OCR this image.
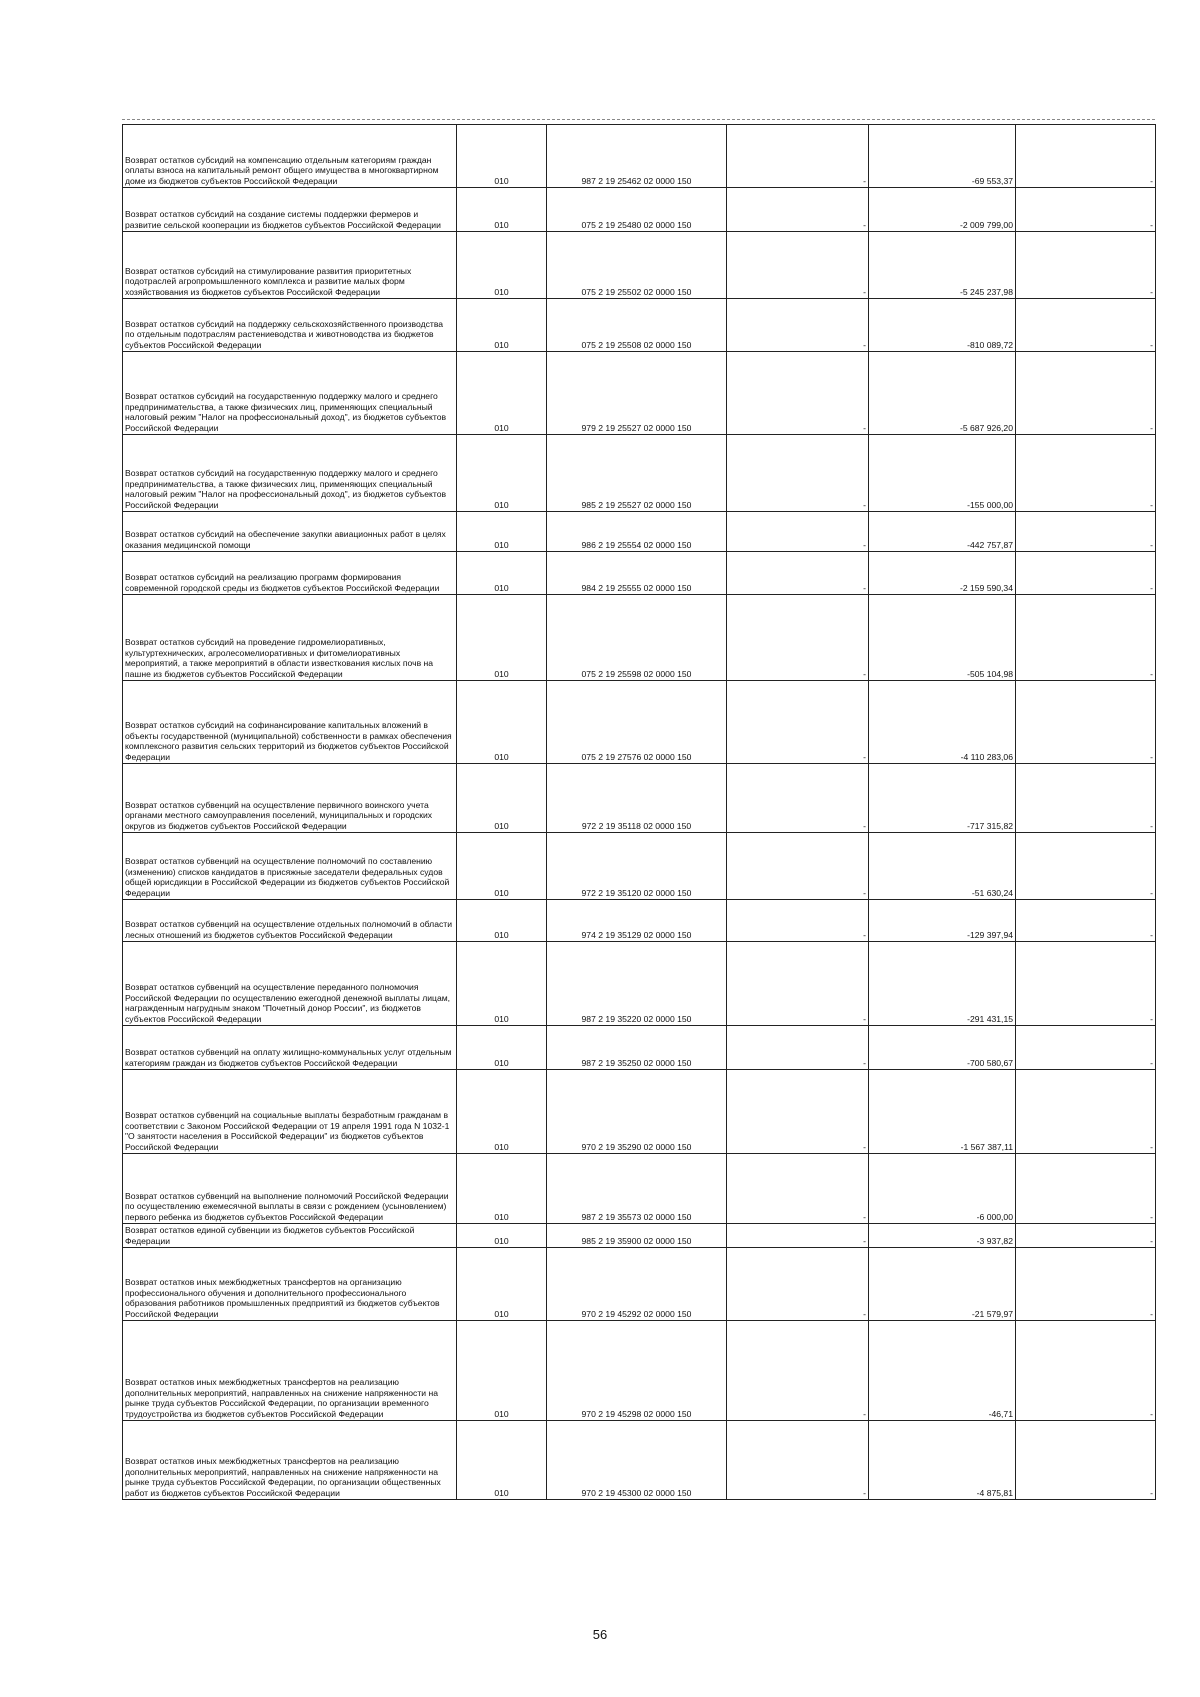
Возврат остатков субсидий на компенсацию отдельным категориям граждан оплаты взноса на капитальный ремонт общего имущества в многоквартирном доме из бюджетов субъектов Российской Федерации	010	987 2 19 25462 02 0000 150	-	-69 553,37	-
Возврат остатков субсидий на создание системы поддержки фермеров и развитие сельской кооперации из бюджетов субъектов Российской Федерации	010	075 2 19 25480 02 0000 150	-	-2 009 799,00	-
Возврат остатков субсидий на стимулирование развития приоритетных подотраслей агропромышленного комплекса и развитие малых форм хозяйствования из бюджетов субъектов Российской Федерации	010	075 2 19 25502 02 0000 150	-	-5 245 237,98	-
Возврат остатков субсидий на поддержку сельскохозяйственного производства по отдельным подотраслям растениеводства и животноводства из бюджетов субъектов Российской Федерации	010	075 2 19 25508 02 0000 150	-	-810 089,72	-
Возврат остатков субсидий на государственную поддержку малого и среднего предпринимательства, а также физических лиц, применяющих специальный налоговый режим "Налог на профессиональный доход", из бюджетов субъектов Российской Федерации	010	979 2 19 25527 02 0000 150	-	-5 687 926,20	-
Возврат остатков субсидий на государственную поддержку малого и среднего предпринимательства, а также физических лиц, применяющих специальный налоговый режим "Налог на профессиональный доход", из бюджетов субъектов Российской Федерации	010	985 2 19 25527 02 0000 150	-	-155 000,00	-
Возврат остатков субсидий на обеспечение закупки авиационных работ в целях оказания медицинской помощи	010	986 2 19 25554 02 0000 150	-	-442 757,87	-
Возврат остатков субсидий на реализацию программ формирования современной городской среды из бюджетов субъектов Российской Федерации	010	984 2 19 25555 02 0000 150	-	-2 159 590,34	-
Возврат остатков субсидий на проведение гидромелиоративных, культуртехнических, агролесомелиоративных и фитомелиоративных мероприятий, а также мероприятий в области известкования кислых почв на пашне из бюджетов субъектов Российской Федерации	010	075 2 19 25598 02 0000 150	-	-505 104,98	-
Возврат остатков субсидий на софинансирование капитальных вложений в объекты государственной (муниципальной) собственности в рамках обеспечения комплексного развития сельских территорий из бюджетов субъектов Российской Федерации	010	075 2 19 27576 02 0000 150	-	-4 110 283,06	-
Возврат остатков субвенций на осуществление первичного воинского учета органами местного самоуправления поселений, муниципальных и городских округов из бюджетов субъектов Российской Федерации	010	972 2 19 35118 02 0000 150	-	-717 315,82	-
Возврат остатков субвенций на осуществление полномочий по составлению (изменению) списков кандидатов в присяжные заседатели федеральных судов общей юрисдикции в Российской Федерации из бюджетов субъектов Российской Федерации	010	972 2 19 35120 02 0000 150	-	-51 630,24	-
Возврат остатков субвенций на осуществление отдельных полномочий в области лесных отношений из бюджетов субъектов Российской Федерации	010	974 2 19 35129 02 0000 150	-	-129 397,94	-
Возврат остатков субвенций на осуществление переданного полномочия Российской Федерации по осуществлению ежегодной денежной выплаты лицам, награжденным нагрудным знаком "Почетный донор России", из бюджетов субъектов Российской Федерации	010	987 2 19 35220 02 0000 150	-	-291 431,15	-
Возврат остатков субвенций на оплату жилищно-коммунальных услуг отдельным категориям граждан из бюджетов субъектов Российской Федерации	010	987 2 19 35250 02 0000 150	-	-700 580,67	-
Возврат остатков субвенций на социальные выплаты безработным гражданам в соответствии с Законом Российской Федерации от 19 апреля 1991 года N 1032-1 "О занятости населения в Российской Федерации" из бюджетов субъектов Российской Федерации	010	970 2 19 35290 02 0000 150	-	-1 567 387,11	-
Возврат остатков субвенций на выполнение полномочий Российской Федерации по осуществлению ежемесячной выплаты в связи с рождением (усыновлением) первого ребенка из бюджетов субъектов Российской Федерации	010	987 2 19 35573 02 0000 150	-	-6 000,00	-
Возврат остатков единой субвенции из бюджетов субъектов Российской Федерации	010	985 2 19 35900 02 0000 150	-	-3 937,82	-
Возврат остатков иных межбюджетных трансфертов на организацию профессионального обучения и дополнительного профессионального образования работников промышленных предприятий из бюджетов субъектов Российской Федерации	010	970 2 19 45292 02 0000 150	-	-21 579,97	-
Возврат остатков иных межбюджетных трансфертов на реализацию дополнительных мероприятий, направленных на снижение напряженности на рынке труда субъектов Российской Федерации, по организации временного трудоустройства из бюджетов субъектов Российской Федерации	010	970 2 19 45298 02 0000 150	-	-46,71	-
Возврат остатков иных межбюджетных трансфертов на реализацию дополнительных мероприятий, направленных на снижение напряженности на рынке труда субъектов Российской Федерации, по организации общественных работ из бюджетов субъектов Российской Федерации	010	970 2 19 45300 02 0000 150	-	-4 875,81	-
56
